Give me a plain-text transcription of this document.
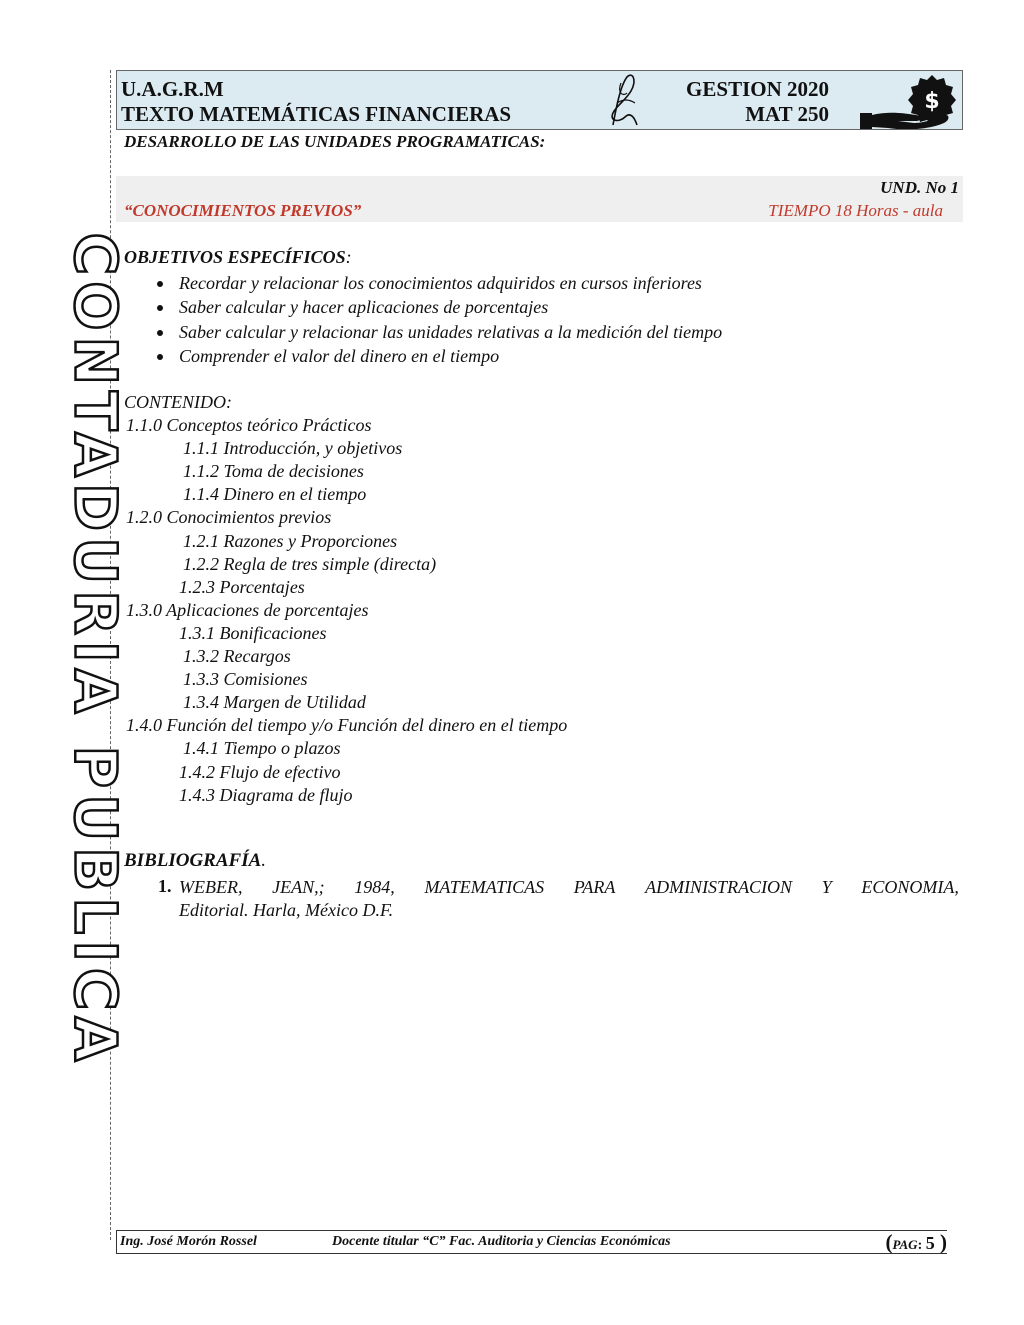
CONTADURIA PUBLICA
U.A.G.R.M
TEXTO MATEMÁTICAS FINANCIERAS
GESTION 2020
MAT 250	$
DESARROLLO DE LAS UNIDADES PROGRAMATICAS:
UND. No 1
“CONOCIMIENTOS PREVIOS”	TIEMPO 18 Horas - aula
OBJETIVOS ESPECÍFICOS:
Recordar y relacionar los conocimientos adquiridos en cursos inferiores
Saber calcular y hacer aplicaciones de porcentajes
Saber calcular y relacionar las unidades relativas a la medición del tiempo
Comprender el valor del dinero en el tiempo
CONTENIDO:
1.1.0 Conceptos teórico Prácticos
1.1.1 Introducción, y objetivos
1.1.2 Toma de decisiones
1.1.4 Dinero en el tiempo
1.2.0 Conocimientos previos
1.2.1 Razones y Proporciones
1.2.2 Regla de tres simple (directa)
1.2.3 Porcentajes
1.3.0 Aplicaciones de porcentajes
1.3.1 Bonificaciones
1.3.2 Recargos
1.3.3 Comisiones
1.3.4 Margen de Utilidad
1.4.0 Función del tiempo y/o Función del dinero en el tiempo
1.4.1 Tiempo o plazos
1.4.2 Flujo de efectivo
1.4.3 Diagrama de flujo
BIBLIOGRAFÍA.
1. WEBER, JEAN,; 1984, MATEMATICAS PARA ADMINISTRACION Y ECONOMIA,
Editorial. Harla, México D.F.
Ing. José Morón Rossel	Docente titular “C” Fac. Auditoria y Ciencias Económicas	(PAG: 5 )
